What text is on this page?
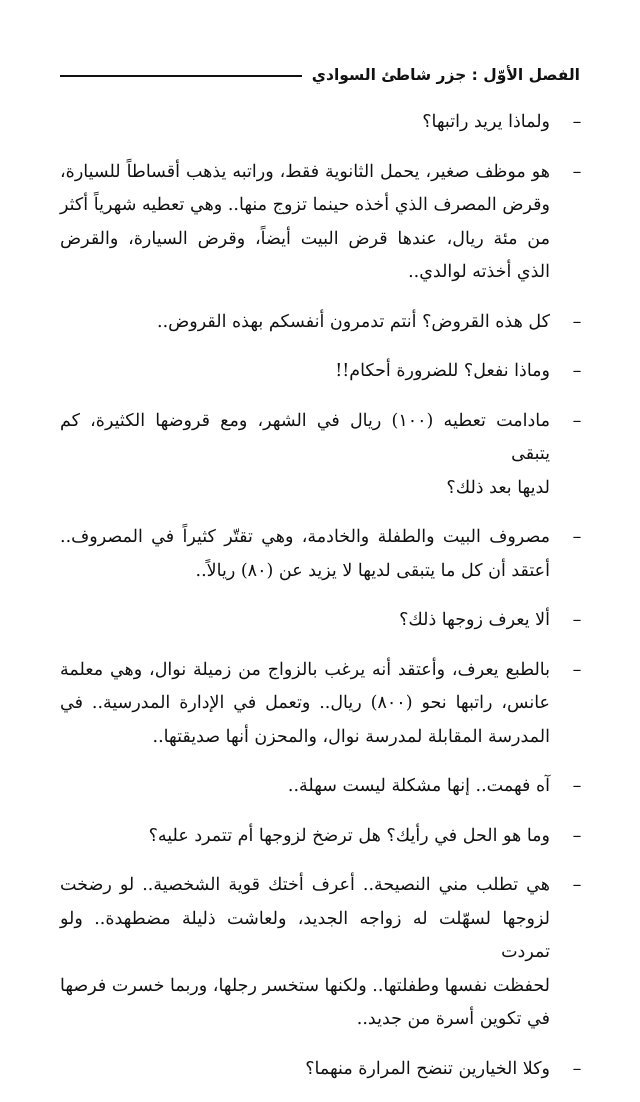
الفصل الأوّل : جزر شاطئ السوادي
–
ولماذا يريد راتبها؟
–
هو موظف صغير، يحمل الثانوية فقط، وراتبه يذهب أقساطاً للسيارة،
وقرض المصرف الذي أخذه حينما تزوج منها.. وهي تعطيه شهرياً أكثر
من مئة ريال، عندها قرض البيت أيضاً، وقرض السيارة، والقرض
الذي أخذته لوالدي..
–
كل هذه القروض؟ أنتم تدمرون أنفسكم بهذه القروض..
–
وماذا نفعل؟ للضرورة أحكام!!
–
مادامت تعطيه (١٠٠) ريال في الشهر، ومع قروضها الكثيرة، كم يتبقى
لديها بعد ذلك؟
–
مصروف البيت والطفلة والخادمة، وهي تقتّر كثيراً في المصروف..
أعتقد أن كل ما يتبقى لديها لا يزيد عن (٨٠) ريالاً..
–
ألا يعرف زوجها ذلك؟
–
بالطبع يعرف، وأعتقد أنه يرغب بالزواج من زميلة نوال، وهي معلمة
عانس، راتبها نحو (٨٠٠) ريال.. وتعمل في الإدارة المدرسية.. في
المدرسة المقابلة لمدرسة نوال، والمحزن أنها صديقتها..
–
آه فهمت.. إنها مشكلة ليست سهلة..
–
وما هو الحل في رأيك؟ هل ترضخ لزوجها أم تتمرد عليه؟
–
هي تطلب مني النصيحة.. أعرف أختك قوية الشخصية.. لو رضخت
لزوجها لسهّلت له زواجه الجديد، ولعاشت ذليلة مضطهدة.. ولو تمردت
لحفظت نفسها وطفلتها.. ولكنها ستخسر رجلها، وربما خسرت فرصها
في تكوين أسرة من جديد..
–
وكلا الخيارين تنضح المرارة منهما؟
